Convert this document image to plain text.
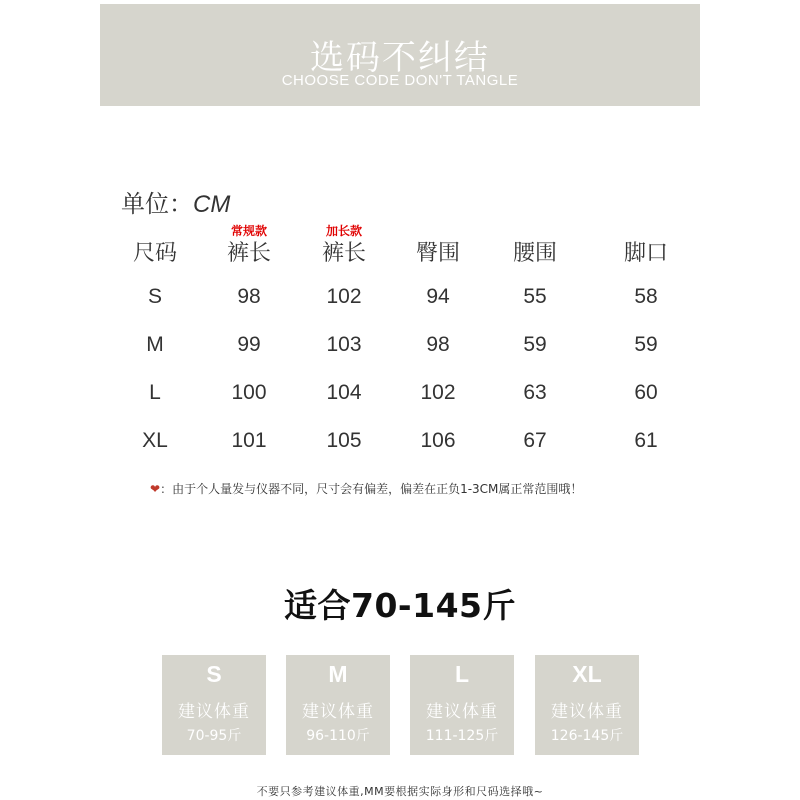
选码不纠结
CHOOSE CODE DON'T TANGLE
单位：CM
常规款	加长款
尺码	裤长	裤长	臀围	腰围	脚口
S	98	102	94	55	58
M	99	103	98	59	59
L	100	104	102	63	60
XL	101	105	106	67	61
❤：由于个人量发与仪器不同，尺寸会有偏差，偏差在正负1-3CM属正常范围哦！
适合70-145斤
S
建议体重
70-95斤
M
建议体重
96-110斤
L
建议体重
111-125斤
XL
建议体重
126-145斤
不要只参考建议体重,MM要根据实际身形和尺码选择哦~
